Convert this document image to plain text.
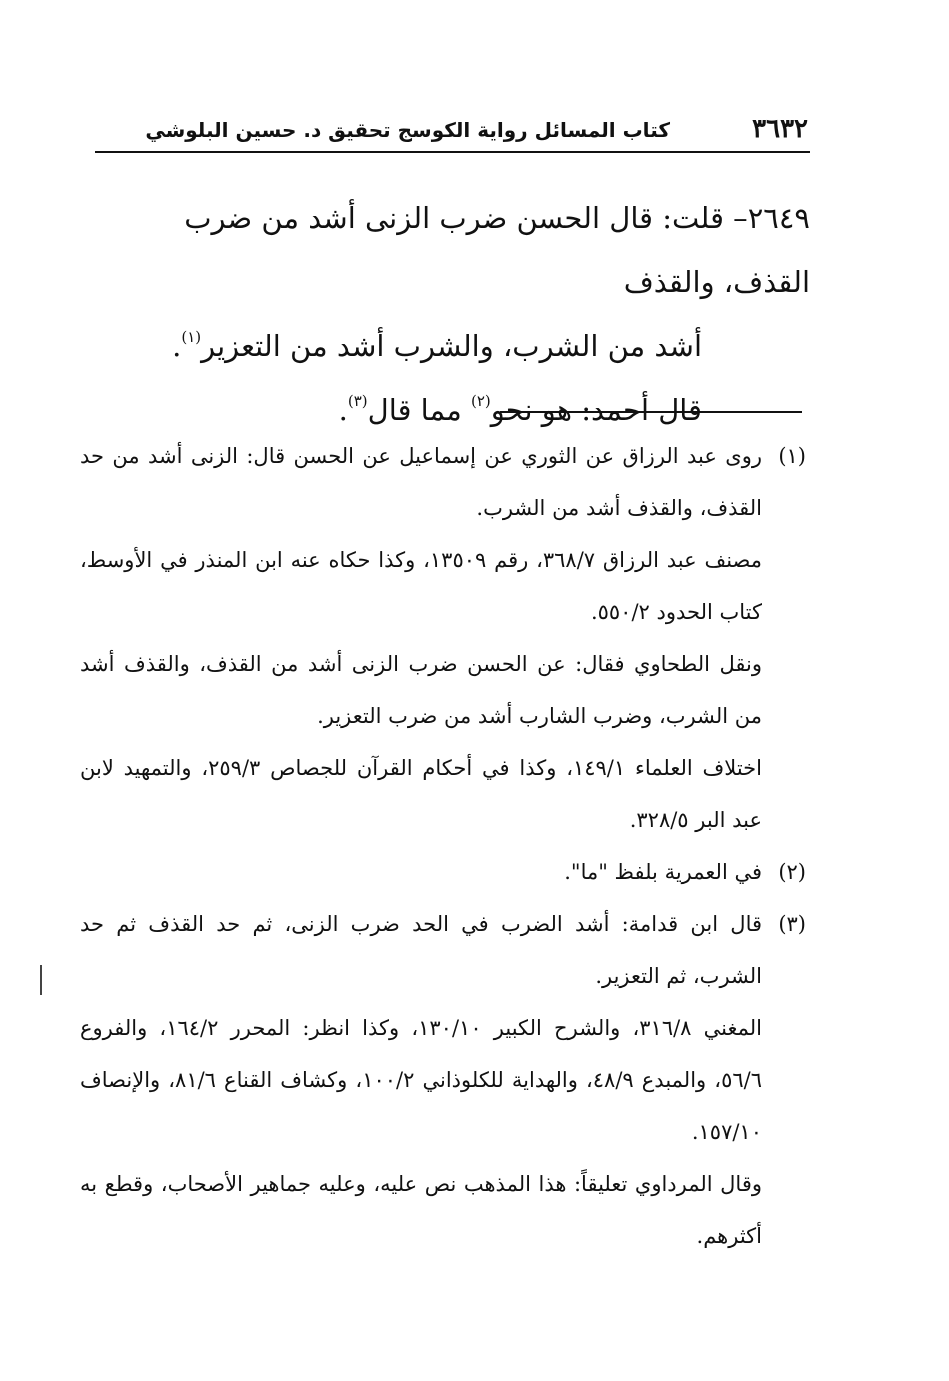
٣٦٣٢
كتاب المسائل رواية الكوسج تحقيق د. حسين البلوشي

٢٦٤٩– قلت: قال الحسن ضرب الزنى أشد من ضرب القذف، والقذف

أشد من الشرب، والشرب أشد من التعزير$^{(١)}$.

قال أحمد: هو نحو$^{(٢)}$ مما قال$^{(٣)}$.

(١)روى عبد الرزاق عن الثوري عن إسماعيل عن الحسن قال: الزنى أشد من حد القذف، والقذف أشد من الشرب.

مصنف عبد الرزاق ٣٦٨/٧، رقم ١٣٥٠٩، وكذا حكاه عنه ابن المنذر في الأوسط، كتاب الحدود ٥٥٠/٢.

ونقل الطحاوي فقال: عن الحسن ضرب الزنى أشد من القذف، والقذف أشد من الشرب، وضرب الشارب أشد من ضرب التعزير.

اختلاف العلماء ١٤٩/١، وكذا في أحكام القرآن للجصاص ٢٥٩/٣، والتمهيد لابن عبد البر ٣٢٨/٥.

(٢)في العمرية بلفظ "ما".

(٣)قال ابن قدامة: أشد الضرب في الحد ضرب الزنى، ثم حد القذف ثم حد الشرب، ثم التعزير.

المغني ٣١٦/٨، والشرح الكبير ١٣٠/١٠، وكذا انظر: المحرر ١٦٤/٢، والفروع ٥٦/٦، والمبدع ٤٨/٩، والهداية للكلوذاني ١٠٠/٢، وكشاف القناع ٨١/٦، والإنصاف ١٥٧/١٠.

وقال المرداوي تعليقاً: هذا المذهب نص عليه، وعليه جماهير الأصحاب، وقطع به أكثرهم.
